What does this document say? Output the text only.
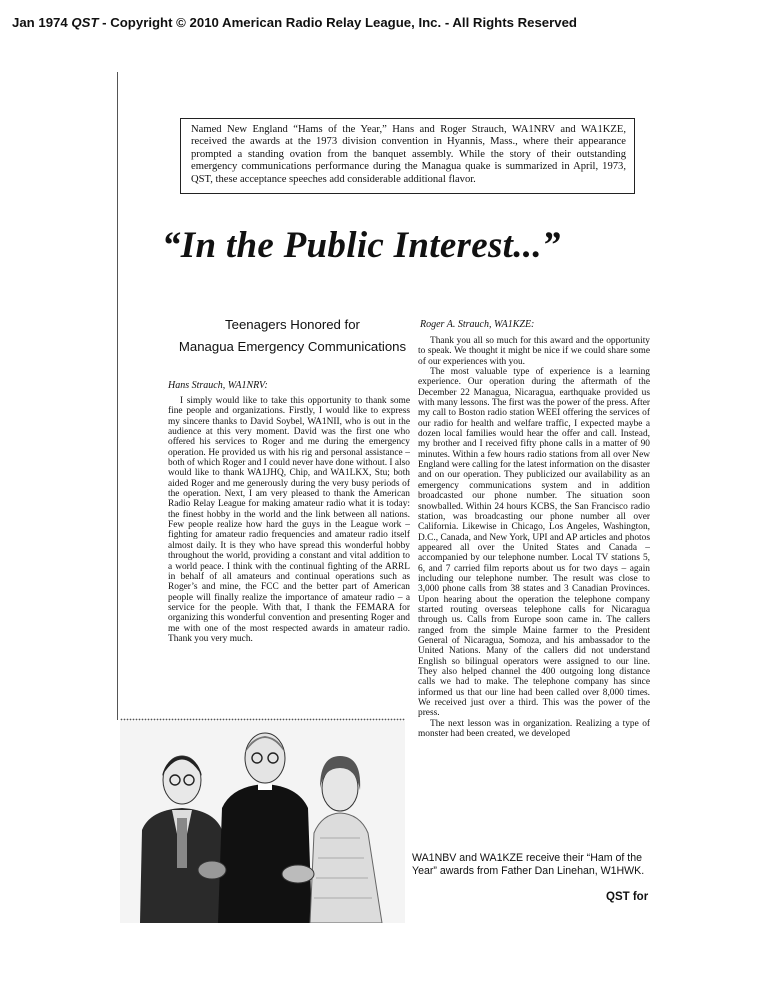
Jan 1974 QST - Copyright © 2010 American Radio Relay League, Inc. - All Rights Reserved
Named New England “Hams of the Year,” Hans and Roger Strauch, WA1NRV and WA1KZE, received the awards at the 1973 division convention in Hyannis, Mass., where their appearance prompted a standing ovation from the banquet assembly. While the story of their outstanding emergency communications performance during the Managua quake is summarized in April, 1973, QST, these acceptance speeches add considerable additional flavor.
“In the Public Interest...”
Teenagers Honored for
Managua Emergency Communications
Hans Strauch, WA1NRV:

I simply would like to take this opportunity to thank some fine people and organizations. Firstly, I would like to express my sincere thanks to David Soybel, WA1NII, who is out in the audience at this very moment. David was the first one who offered his services to Roger and me during the emergency operation. He provided us with his rig and personal assistance – both of which Roger and I could never have done without. I also would like to thank WA1JHQ, Chip, and WA1LKX, Stu; both aided Roger and me generously during the very busy periods of the operation. Next, I am very pleased to thank the American Radio Relay League for making amateur radio what it is today: the finest hobby in the world and the link between all nations. Few people realize how hard the guys in the League work – fighting for amateur radio frequencies and amateur radio itself almost daily. It is they who have spread this wonderful hobby throughout the world, providing a constant and vital addition to a world peace. I think with the continual fighting of the ARRL in behalf of all amateurs and continual operations such as Roger’s and mine, the FCC and the better part of American people will finally realize the importance of amateur radio – a service for the people. With that, I thank the FEMARA for organizing this wonderful convention and presenting Roger and me with one of the most respected awards in amateur radio. Thank you very much.

Roger A. Strauch, WA1KZE:

Thank you all so much for this award and the opportunity to speak. We thought it might be nice if we could share some of our experiences with you.

The most valuable type of experience is a learning experience. Our operation during the aftermath of the December 22 Managua, Nicaragua, earthquake provided us with many lessons. The first was the power of the press. After my call to Boston radio station WEEI offering the services of our radio for health and welfare traffic, I expected maybe a dozen local families would hear the offer and call. Instead, my brother and I received fifty phone calls in a matter of 90 minutes. Within a few hours radio stations from all over New England were calling for the latest information on the disaster and on our operation. They publicized our availability as an emergency communications system and in addition broadcasted our phone number. The situation soon snowballed. Within 24 hours KCBS, the San Francisco radio station, was broadcasting our phone number all over California. Likewise in Chicago, Los Angeles, Washington, D.C., Canada, and New York, UPI and AP articles and photos appeared all over the United States and Canada – accompanied by our telephone number. Local TV stations 5, 6, and 7 carried film reports about us for two days – again including our telephone number. The result was close to 3,000 phone calls from 38 states and 3 Canadian Provinces. Upon hearing about the operation the telephone company started routing overseas telephone calls for Nicaragua through us. Calls from Europe soon came in. The callers ranged from the simple Maine farmer to the President General of Nicaragua, Somoza, and his ambassador to the United Nations. Many of the callers did not understand English so bilingual operators were assigned to our line. They also helped channel the 400 outgoing long distance calls we had to make. The telephone company has since informed us that our line had been called over 8,000 times. We received just over a third. This was the power of the press.

The next lesson was in organization. Realizing a type of monster had been created, we developed

WA1NBV and WA1KZE receive their “Ham of the Year” awards from Father Dan Linehan, W1HWK.
QST for
